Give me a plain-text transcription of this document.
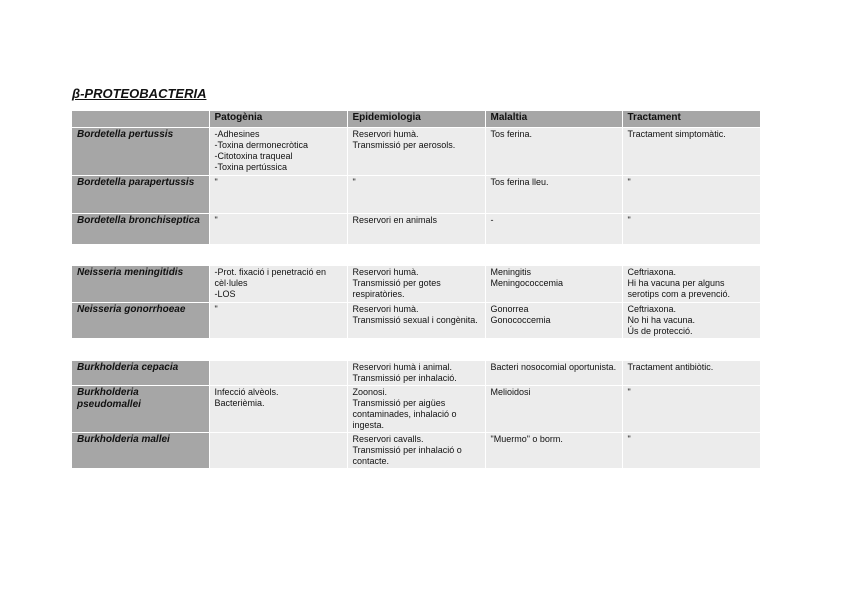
β-PROTEOBACTERIA
	Patogènia	Epidemiologia	Malaltia	Tractament
Bordetella pertussis	-Adhesines
-Toxina dermonecròtica
-Citotoxina traqueal
-Toxina pertússica	Reservori humà.
Transmissió per aerosols.	Tos ferina.	Tractament simptomàtic.

Bordetella parapertussis	"	"	Tos ferina lleu.	"

Bordetella bronchiseptica	"	Reservori en animals	-	"
Neisseria meningitidis	-Prot. fixació i penetració en cèl·lules
-LOS	Reservori humà.
Transmissió per gotes respiratòries.	Meningitis
Meningococcemia	Ceftriaxona.
Hi ha vacuna per alguns serotips com a prevenció.

Neisseria gonorrhoeae	"	Reservori humà.
Transmissió sexual i congènita.	Gonorrea
Gonococcemia	Ceftriaxona.
No hi ha vacuna.
Ús de protecció.
Burkholderia cepacia		Reservori humà i animal.
Transmissió per inhalació.	Bacteri nosocomial oportunista.	Tractament antibiòtic.

Burkholderia pseudomallei	Infecció alvèols.
Bacterièmia.	Zoonosi.
Transmissió per aigües contaminades, inhalació o ingesta.	Melioidosi	"

Burkholderia mallei		Reservori cavalls.
Transmissió per inhalació o contacte.	"Muermo" o borm.	"
